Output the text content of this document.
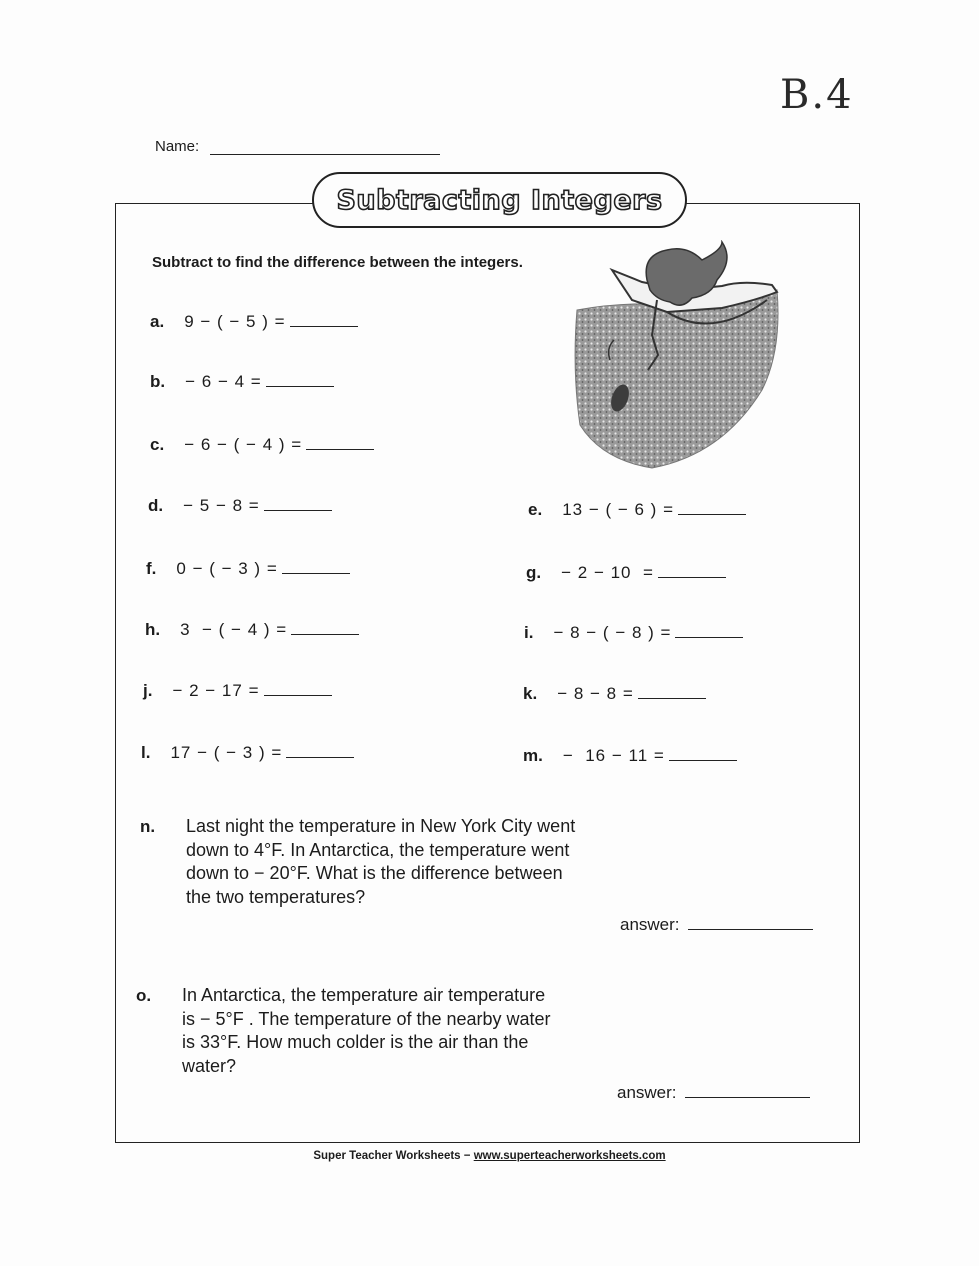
B.4
Name:
Subtracting Integers
Subtract to find the difference between the integers.
a. 9 − ( − 5 ) =
b. − 6 − 4 =
c. − 6 − ( − 4 ) =
d. − 5 − 8 =	e. 13 − ( − 6 ) =
f. 0 − ( − 3 ) =	g. − 2 − 10  =
h. 3  − ( − 4 ) =	i. − 8 − ( − 8 ) =
j. − 2 − 17 =	k. − 8 − 8 =
l. 17 − ( − 3 ) =	m. −  16 − 11 =
n. Last night the temperature in New York City went
down to 4°F. In Antarctica, the temperature went
down to − 20°F. What is the difference between
the two temperatures?
answer:
o. In Antarctica, the temperature air temperature
is − 5°F . The temperature of the nearby water
is 33°F. How much colder is the air than the
water?
answer:
Super Teacher Worksheets − www.superteacherworksheets.com
